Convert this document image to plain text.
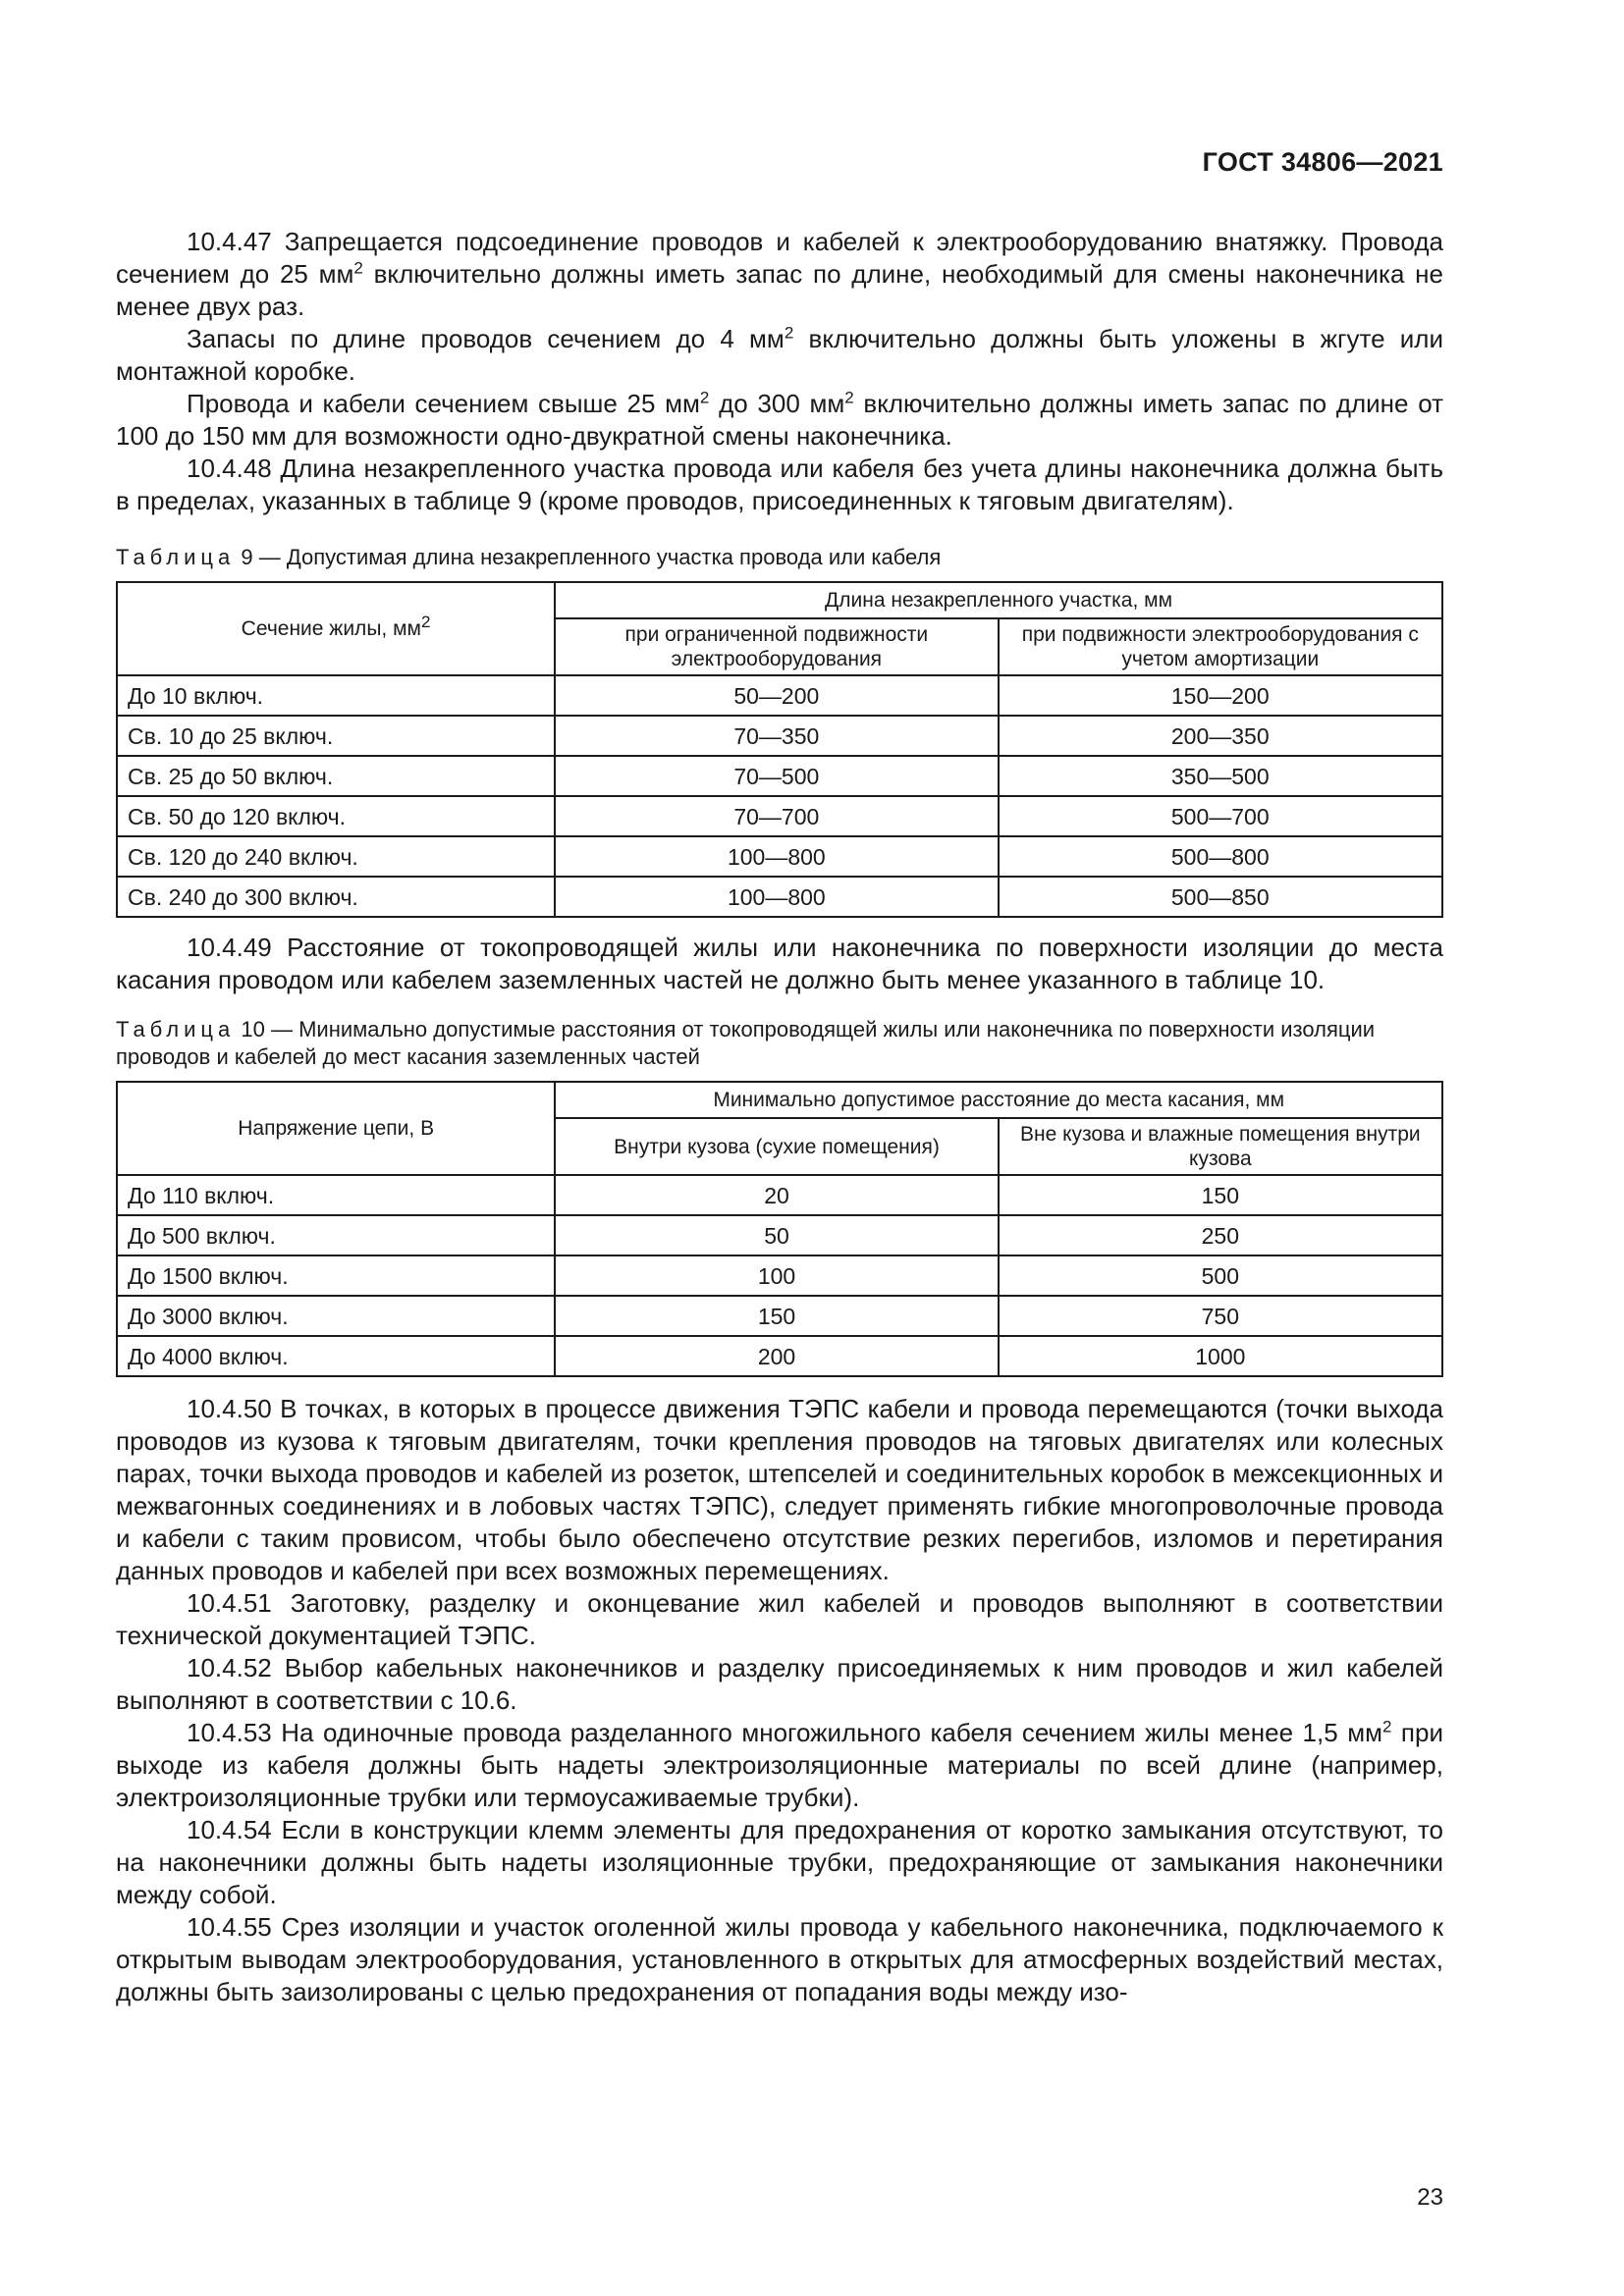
ГОСТ 34806—2021

10.4.47 Запрещается подсоединение проводов и кабелей к электрооборудованию внатяжку. Провода сечением до 25 $мм^2$ включительно должны иметь запас по длине, необходимый для смены наконечника не менее двух раз.

Запасы по длине проводов сечением до 4 $мм^2$ включительно должны быть уложены в жгуте или монтажной коробке.

Провода и кабели сечением свыше 25 $мм^2$ до 300 $мм^2$ включительно должны иметь запас по длине от 100 до 150 мм для возможности одно-двукратной смены наконечника.

10.4.48 Длина незакрепленного участка провода или кабеля без учета длины наконечника должна быть в пределах, указанных в таблице 9 (кроме проводов, присоединенных к тяговым двигателям).

Таблица 9 — Допустимая длина незакрепленного участка провода или кабеля

Сечение жилы, $мм^2$	Длина незакрепленного участка, мм	
	при ограниченной подвижности электрооборудования	при подвижности электрооборудования с учетом амортизации
До 10 включ.	50—200	150—200
Св. 10 до 25 включ.	70—350	200—350
Св. 25 до 50 включ.	70—500	350—500
Св. 50 до 120 включ.	70—700	500—700
Св. 120 до 240 включ.	100—800	500—800
Св. 240 до 300 включ.	100—800	500—850

10.4.49 Расстояние от токопроводящей жилы или наконечника по поверхности изоляции до места касания проводом или кабелем заземленных частей не должно быть менее указанного в таблице 10.

Таблица 10 — Минимально допустимые расстояния от токопроводящей жилы или наконечника по поверхности изоляции проводов и кабелей до мест касания заземленных частей

Напряжение цепи, В	Минимально допустимое расстояние до места касания, мм	
	Внутри кузова (сухие помещения)	Вне кузова и влажные помещения внутри кузова
До 110 включ.	20	150
До 500 включ.	50	250
До 1500 включ.	100	500
До 3000 включ.	150	750
До 4000 включ.	200	1000

10.4.50 В точках, в которых в процессе движения ТЭПС кабели и провода перемещаются (точки выхода проводов из кузова к тяговым двигателям, точки крепления проводов на тяговых двигателях или колесных парах, точки выхода проводов и кабелей из розеток, штепселей и соединительных коробок в межсекционных и межвагонных соединениях и в лобовых частях ТЭПС), следует применять гибкие многопроволочные провода и кабели с таким провисом, чтобы было обеспечено отсутствие резких перегибов, изломов и перетирания данных проводов и кабелей при всех возможных перемещениях.

10.4.51 Заготовку, разделку и оконцевание жил кабелей и проводов выполняют в соответствии технической документацией ТЭПС.

10.4.52 Выбор кабельных наконечников и разделку присоединяемых к ним проводов и жил кабелей выполняют в соответствии с 10.6.

10.4.53 На одиночные провода разделанного многожильного кабеля сечением жилы менее 1,5 $мм^2$ при выходе из кабеля должны быть надеты электроизоляционные материалы по всей длине (например, электроизоляционные трубки или термоусаживаемые трубки).

10.4.54 Если в конструкции клемм элементы для предохранения от коротко замыкания отсутствуют, то на наконечники должны быть надеты изоляционные трубки, предохраняющие от замыкания наконечники между собой.

10.4.55 Срез изоляции и участок оголенной жилы провода у кабельного наконечника, подключаемого к открытым выводам электрооборудования, установленного в открытых для атмосферных воздействий местах, должны быть заизолированы с целью предохранения от попадания воды между изо-

23
